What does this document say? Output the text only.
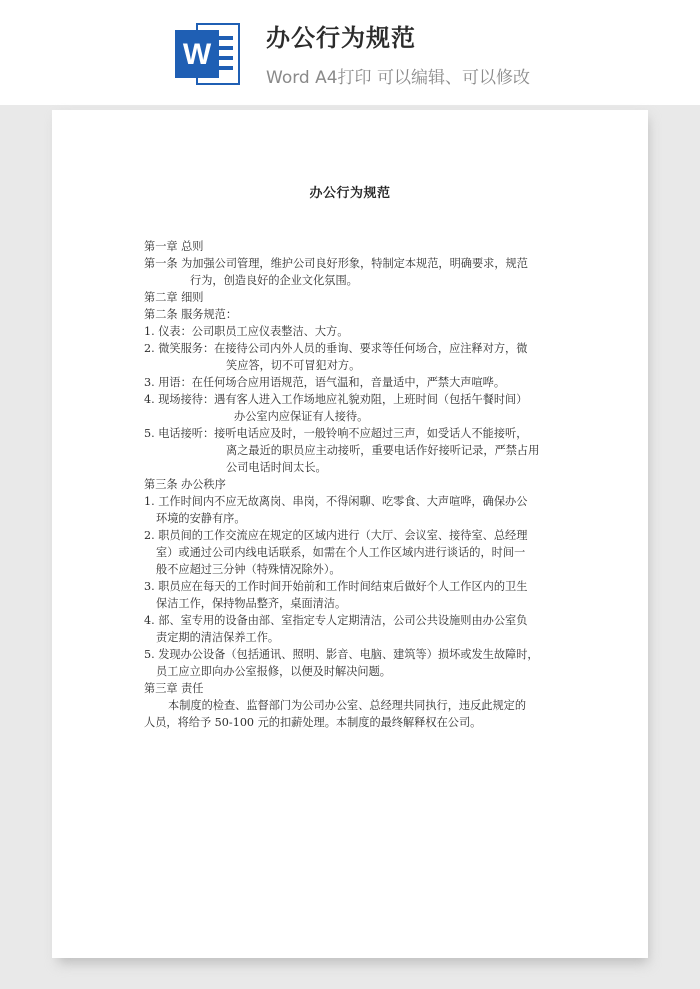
W 办公行为规范
Word A4打印 可以编辑、可以修改
办公行为规范
第一章 总则
第一条 为加强公司管理，维护公司良好形象，特制定本规范，明确要求，规范
行为，创造良好的企业文化氛围。
第二章 细则
第二条 服务规范：
1. 仪表：公司职员工应仪表整洁、大方。
2. 微笑服务：在接待公司内外人员的垂询、要求等任何场合，应注释对方，微
笑应答，切不可冒犯对方。
3. 用语：在任何场合应用语规范，语气温和，音量适中，严禁大声喧哗。
4. 现场接待：遇有客人进入工作场地应礼貌劝阻，上班时间（包括午餐时间）
办公室内应保证有人接待。
5. 电话接听：接听电话应及时，一般铃响不应超过三声，如受话人不能接听，
离之最近的职员应主动接听，重要电话作好接听记录，严禁占用
公司电话时间太长。
第三条 办公秩序
1. 工作时间内不应无故离岗、串岗，不得闲聊、吃零食、大声喧哗，确保办公
环境的安静有序。
2. 职员间的工作交流应在规定的区域内进行（大厅、会议室、接待室、总经理
室）或通过公司内线电话联系，如需在个人工作区域内进行谈话的，时间一
般不应超过三分钟（特殊情况除外）。
3. 职员应在每天的工作时间开始前和工作时间结束后做好个人工作区内的卫生
保洁工作，保持物品整齐，桌面清洁。
4. 部、室专用的设备由部、室指定专人定期清洁，公司公共设施则由办公室负
责定期的清洁保养工作。
5. 发现办公设备（包括通讯、照明、影音、电脑、建筑等）损坏或发生故障时，
员工应立即向办公室报修，以便及时解决问题。
第三章 责任
本制度的检查、监督部门为公司办公室、总经理共同执行，违反此规定的
人员，将给予 50-100 元的扣薪处理。本制度的最终解释权在公司。
